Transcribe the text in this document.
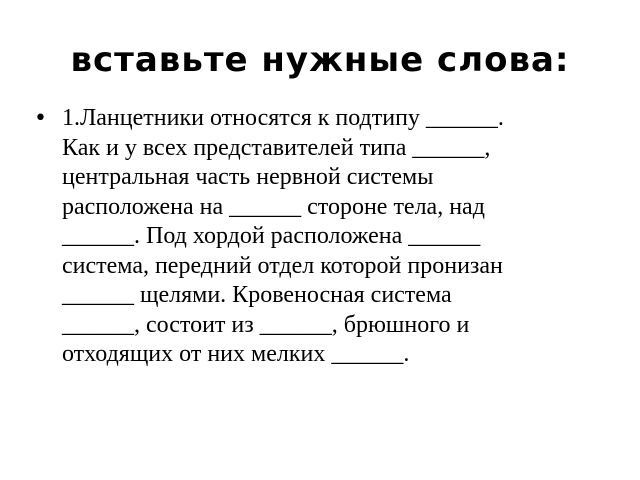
вставьте нужные слова:
• 1.Ланцетники относятся к подтипу ______.
Как и у всех представителей типа ______,
центральная часть нервной системы
расположена на ______ стороне тела, над
______. Под хордой расположена ______
система, передний отдел которой пронизан
______ щелями. Кровеносная система
______, состоит из ______, брюшного и
отходящих от них мелких ______.
